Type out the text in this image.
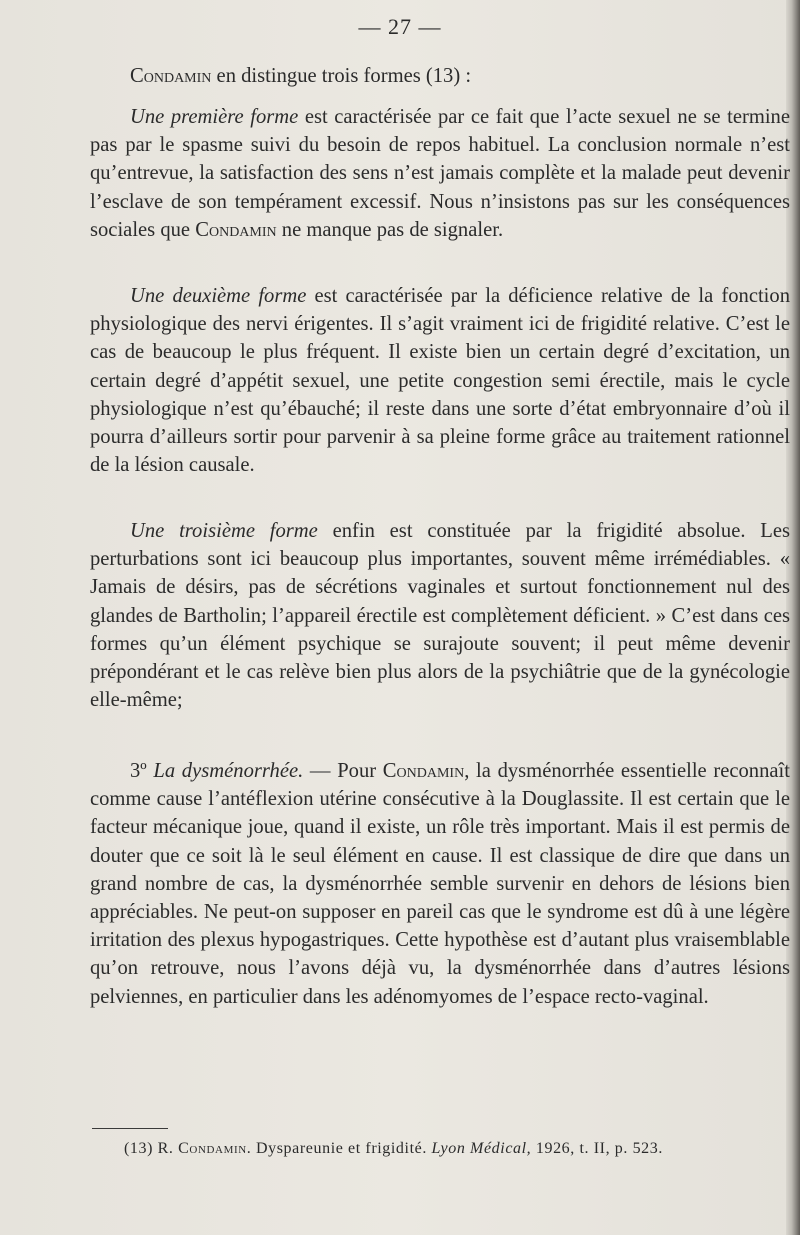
— 27 —

Condamin en distingue trois formes (13) :

Une première forme est caractérisée par ce fait que l’acte sexuel ne se termine pas par le spasme suivi du besoin de repos habituel. La conclusion normale n’est qu’entrevue, la satisfaction des sens n’est jamais complète et la malade peut devenir l’esclave de son tempérament excessif. Nous n’insistons pas sur les conséquences sociales que Condamin ne manque pas de signaler.

Une deuxième forme est caractérisée par la déficience relative de la fonction physiologique des nervi érigentes. Il s’agit vraiment ici de frigidité relative. C’est le cas de beaucoup le plus fréquent. Il existe bien un certain degré d’excitation, un certain degré d’appétit sexuel, une petite congestion semi érectile, mais le cycle physiologique n’est qu’ébauché; il reste dans une sorte d’état embryonnaire d’où il pourra d’ailleurs sortir pour parvenir à sa pleine forme grâce au traitement rationnel de la lésion causale.

Une troisième forme enfin est constituée par la frigidité absolue. Les perturbations sont ici beaucoup plus importantes, souvent même irrémédiables. « Jamais de désirs, pas de sécrétions vaginales et surtout fonctionnement nul des glandes de Bartholin; l’appareil érectile est complètement déficient. » C’est dans ces formes qu’un élément psychique se surajoute souvent; il peut même devenir prépondérant et le cas relève bien plus alors de la psychiâtrie que de la gynécologie elle-même;

3º La dysménorrhée. — Pour Condamin, la dysménorrhée essentielle reconnaît comme cause l’antéflexion utérine consécutive à la Douglassite. Il est certain que le facteur mécanique joue, quand il existe, un rôle très important. Mais il est permis de douter que ce soit là le seul élément en cause. Il est classique de dire que dans un grand nombre de cas, la dysménorrhée semble survenir en dehors de lésions bien appréciables. Ne peut-on supposer en pareil cas que le syndrome est dû à une légère irritation des plexus hypogastriques. Cette hypothèse est d’autant plus vraisemblable qu’on retrouve, nous l’avons déjà vu, la dysménorrhée dans d’autres lésions pelviennes, en particulier dans les adénomyomes de l’espace recto-vaginal.

(13) R. Condamin. Dyspareunie et frigidité. Lyon Médical, 1926, t. II, p. 523.
